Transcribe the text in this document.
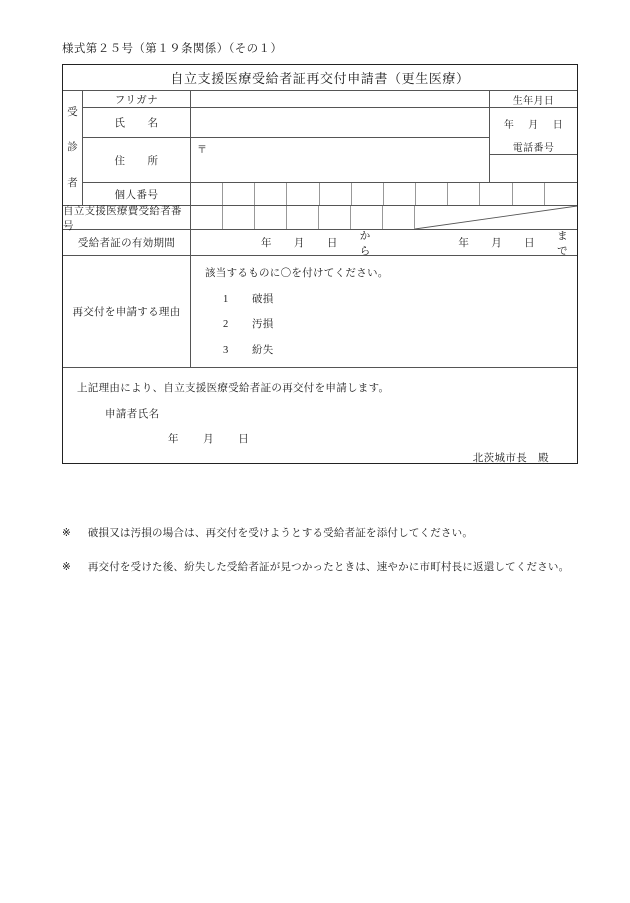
様式第２５号（第１９条関係）（その１）
自立支援医療受給者証再交付申請書（更生医療）
受
診
者
フリガナ
氏　　名
生年月日
年 月 日
住　　所
〒	電話番号
個人番号
自立支援医療費受給者番号
受給者証の有効期間	年 月 日
から
年 月 日
まで
再交付を申請する理由
該当するものに〇を付けてください。
1 破損
2 汚損
3 紛失
上記理由により、自立支援医療受給者証の再交付を申請します。
申請者氏名
年 月 日
北茨城市長　殿
※ 破損又は汚損の場合は、再交付を受けようとする受給者証を添付してください。
※ 再交付を受けた後、紛失した受給者証が見つかったときは、速やかに市町村長に返還してください。
